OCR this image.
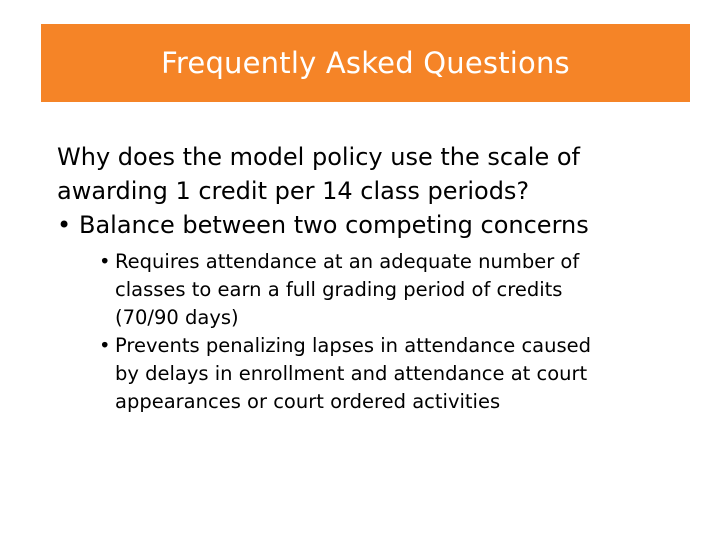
Frequently Asked Questions

Why does the model policy use the scale of
awarding 1 credit per 14 class periods?

• Balance between two competing concerns
• Requires attendance at an adequate number of
classes to earn a full grading period of credits
(70/90 days)
• Prevents penalizing lapses in attendance caused
by delays in enrollment and attendance at court
appearances or court ordered activities
